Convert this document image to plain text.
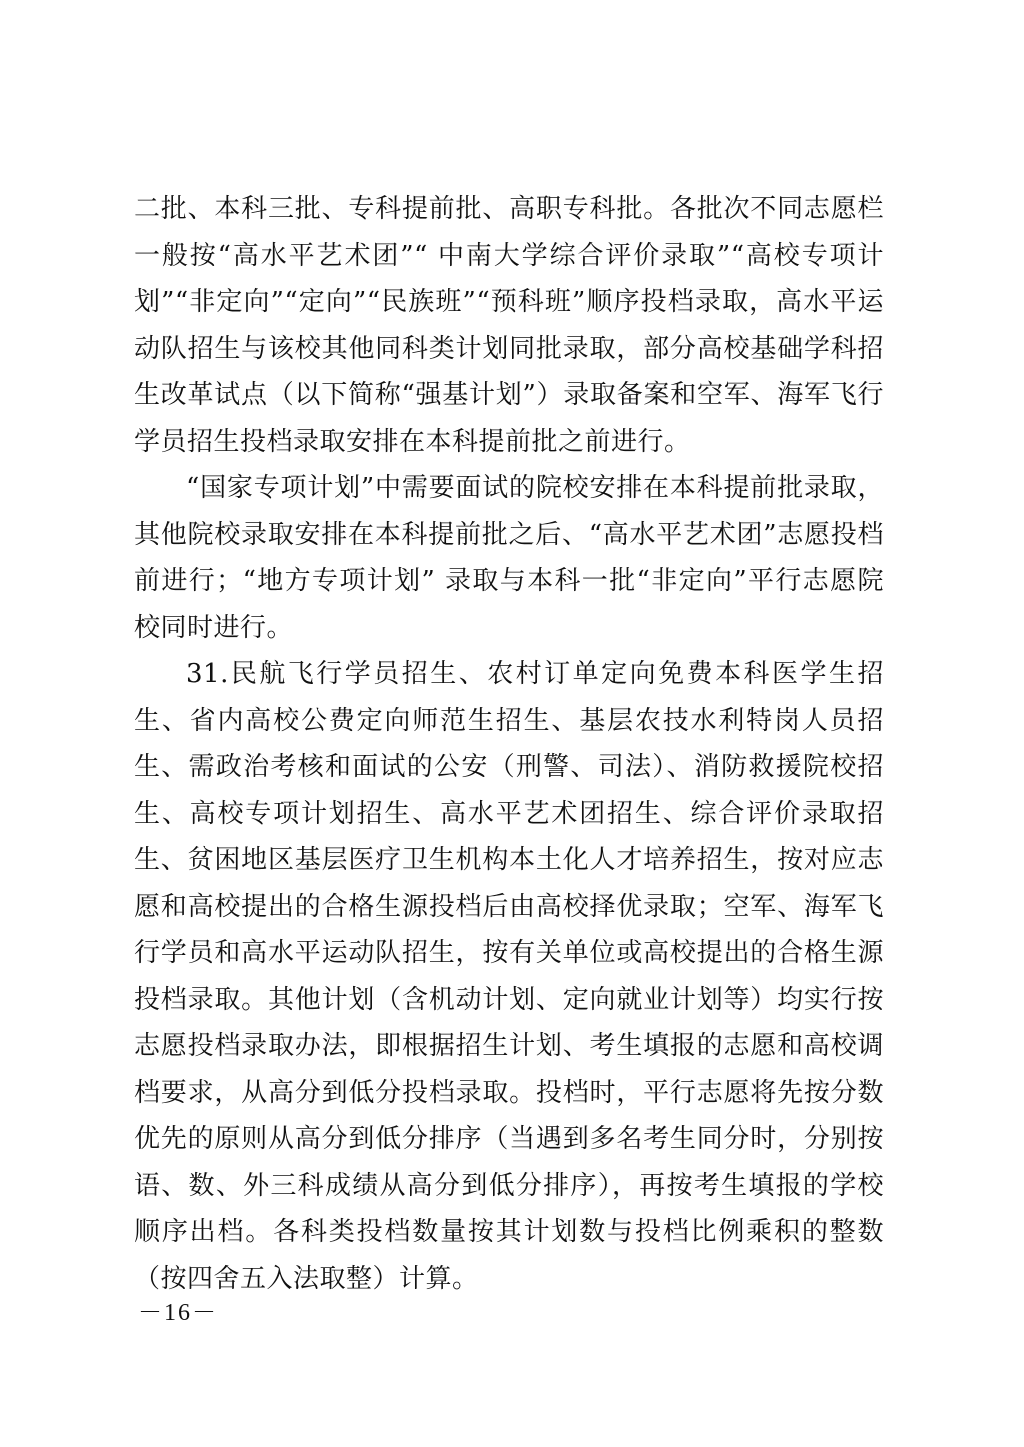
二批、本科三批、专科提前批、高职专科批。各批次不同志愿栏一般按“高水平艺术团”“ 中南大学综合评价录取”“高校专项计划”“非定向”“定向”“民族班”“预科班”顺序投档录取，高水平运动队招生与该校其他同科类计划同批录取，部分高校基础学科招生改革试点（以下简称“强基计划”）录取备案和空军、海军飞行学员招生投档录取安排在本科提前批之前进行。

“国家专项计划”中需要面试的院校安排在本科提前批录取，其他院校录取安排在本科提前批之后、“高水平艺术团”志愿投档前进行；“地方专项计划” 录取与本科一批“非定向”平行志愿院校同时进行。

31.民航飞行学员招生、农村订单定向免费本科医学生招生、省内高校公费定向师范生招生、基层农技水利特岗人员招生、需政治考核和面试的公安（刑警、司法）、消防救援院校招生、高校专项计划招生、高水平艺术团招生、综合评价录取招生、贫困地区基层医疗卫生机构本土化人才培养招生，按对应志愿和高校提出的合格生源投档后由高校择优录取；空军、海军飞行学员和高水平运动队招生，按有关单位或高校提出的合格生源投档录取。其他计划（含机动计划、定向就业计划等）均实行按志愿投档录取办法，即根据招生计划、考生填报的志愿和高校调档要求，从高分到低分投档录取。投档时，平行志愿将先按分数优先的原则从高分到低分排序（当遇到多名考生同分时，分别按语、数、外三科成绩从高分到低分排序），再按考生填报的学校顺序出档。各科类投档数量按其计划数与投档比例乘积的整数（按四舍五入法取整）计算。

－16－
